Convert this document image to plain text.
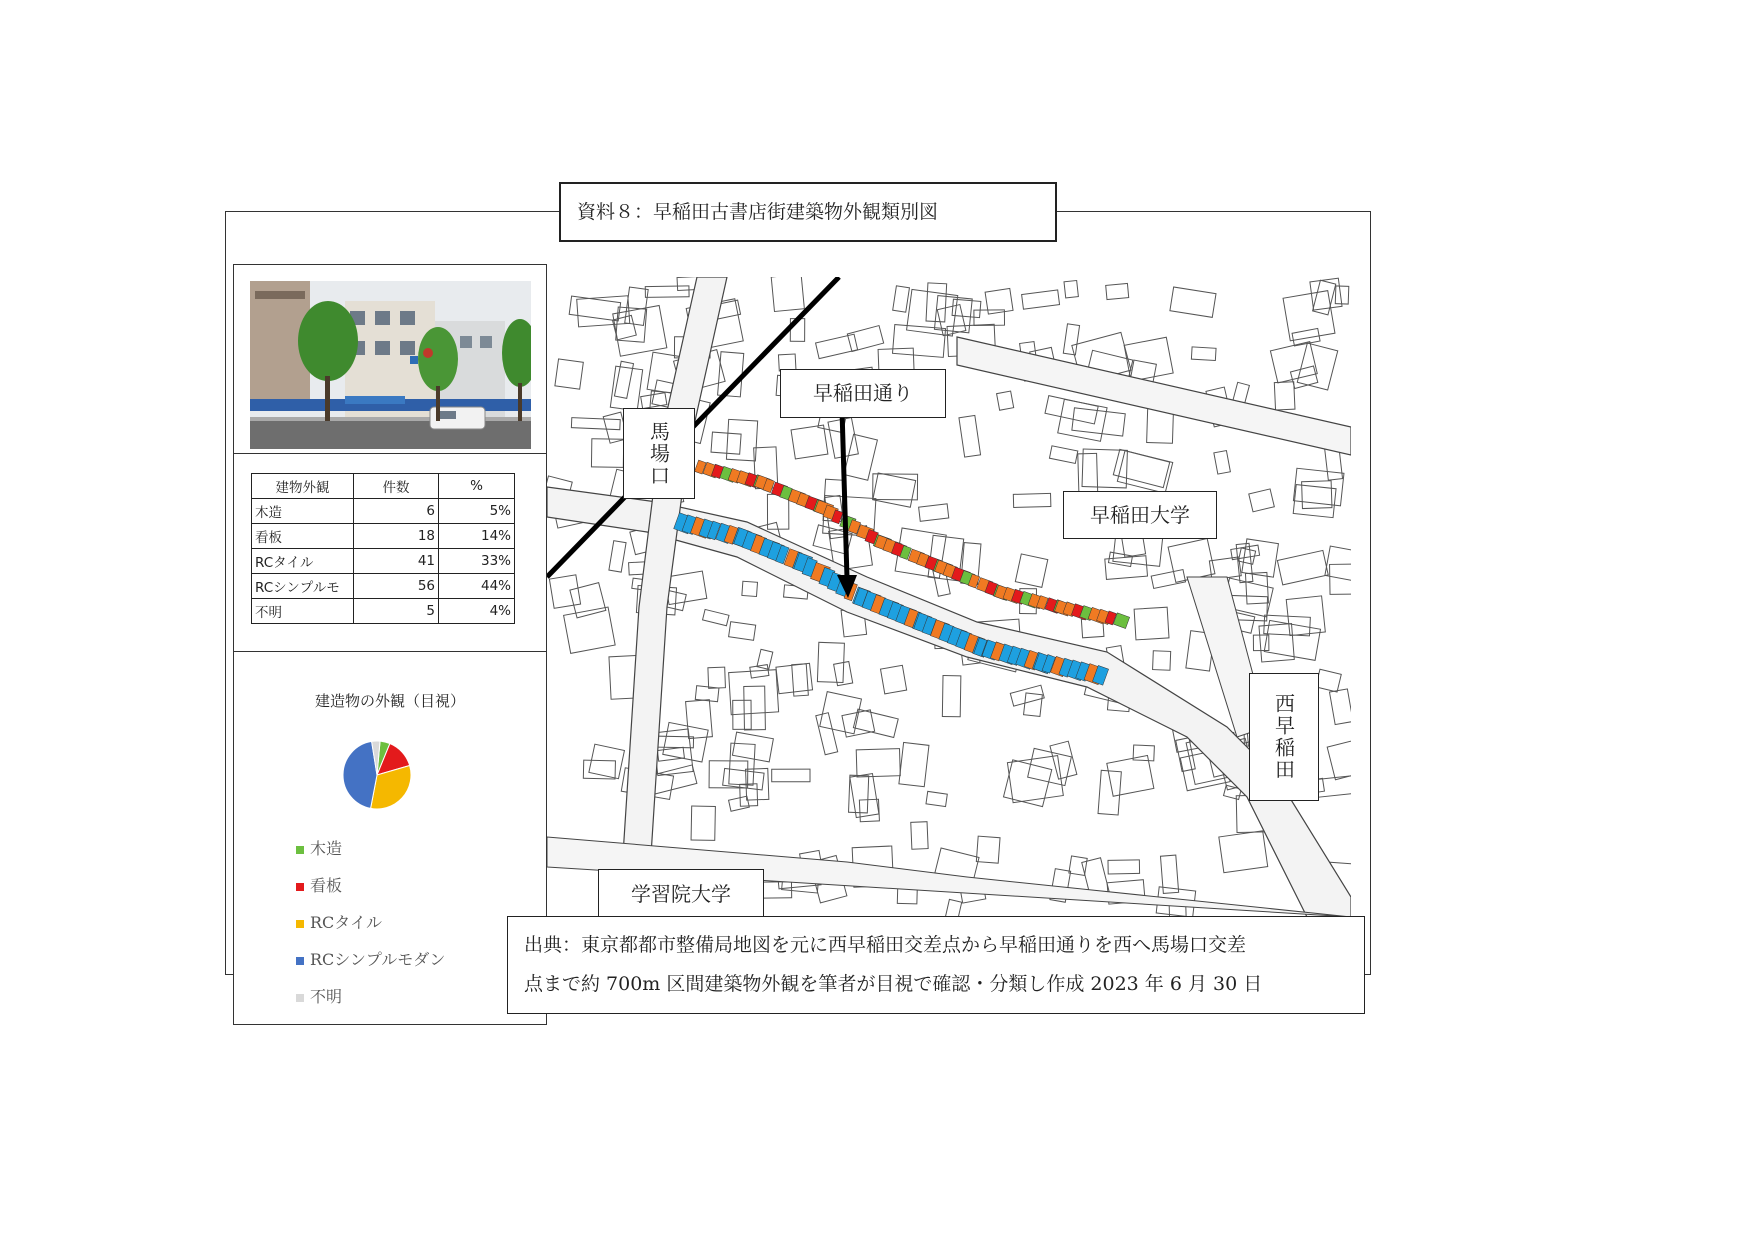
資料８：早稲田古書店街建築物外観類別図
建物外観	件数	%
木造	6	5%
看板	18	14%
RCタイル	41	33%
RCシンプルモ	56	44%
不明	5	4%
建造物の外観（目視）
木造
看板
RCタイル
RCシンプルモダン
不明
早稲田通り
馬場口
早稲田大学
西早稲田
学習院大学
出典：東京都都市整備局地図を元に西早稲田交差点から早稲田通りを西へ馬場口交差
点まで約 700m 区間建築物外観を筆者が目視で確認・分類し作成 2023 年 6 月 30 日
